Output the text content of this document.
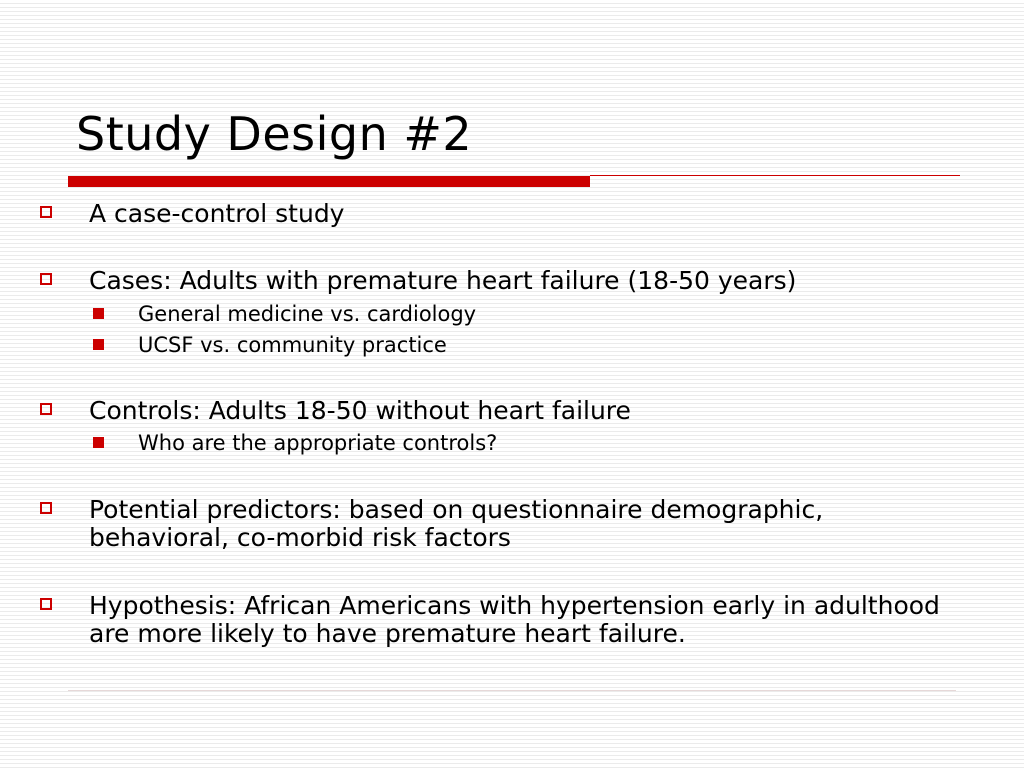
Study Design #2
A case-control study
Cases: Adults with premature heart failure (18-50 years)
General medicine vs. cardiology
UCSF vs. community practice
Controls: Adults 18-50 without heart failure
Who are the appropriate controls?
Potential predictors: based on questionnaire demographic, behavioral, co-morbid risk factors
Hypothesis: African Americans with hypertension early in adulthood are more likely to have premature heart failure.
